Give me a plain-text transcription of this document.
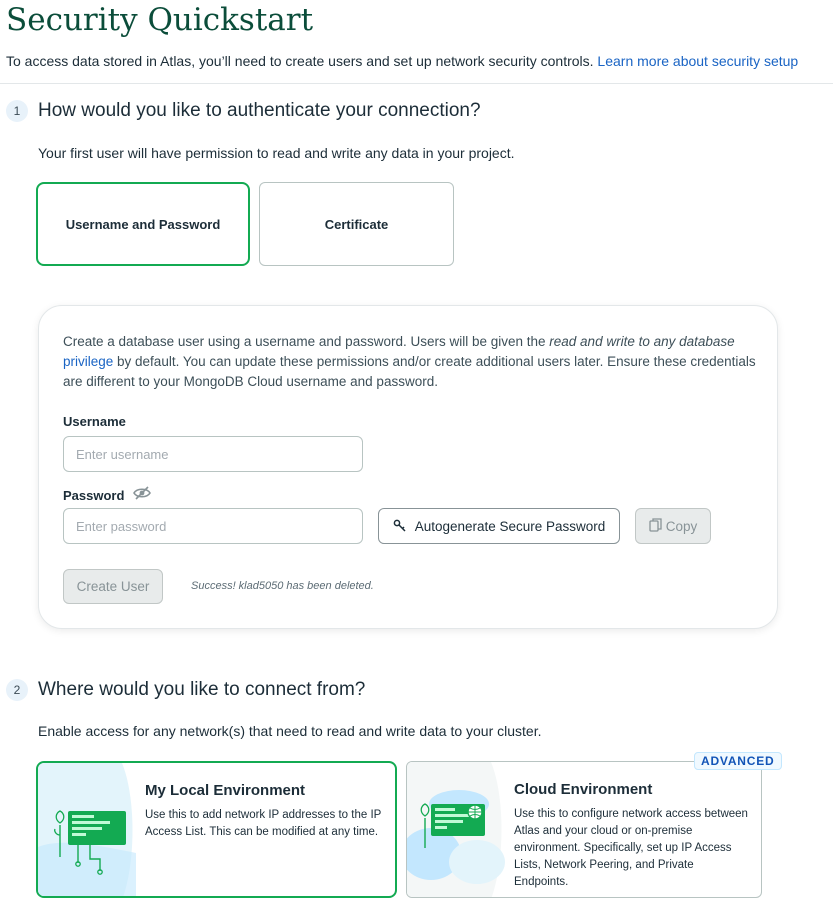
Security Quickstart
To access data stored in Atlas, you’ll need to create users and set up network security controls. Learn more about security setup
1 How would you like to authenticate your connection?
Your first user will have permission to read and write any data in your project.
Username and Password	Certificate

Create a database user using a username and password. Users will be given the read and write to any database
privilege by default. You can update these permissions and/or create additional users later. Ensure these credentials are different to your MongoDB Cloud username and password.

Username
Enter username
Password
Autogenerate Secure Password	Copy
Create User	Success! klad5050 has been deleted.
2 Where would you like to connect from?
Enable access for any network(s) that need to read and write data to your cluster.
My Local Environment
Use this to add network IP addresses to the IP Access List. This can be modified at any time.
Cloud Environment
Use this to configure network access between Atlas and your cloud or on-premise environment. Specifically, set up IP Access Lists, Network Peering, and Private Endpoints.
ADVANCED
